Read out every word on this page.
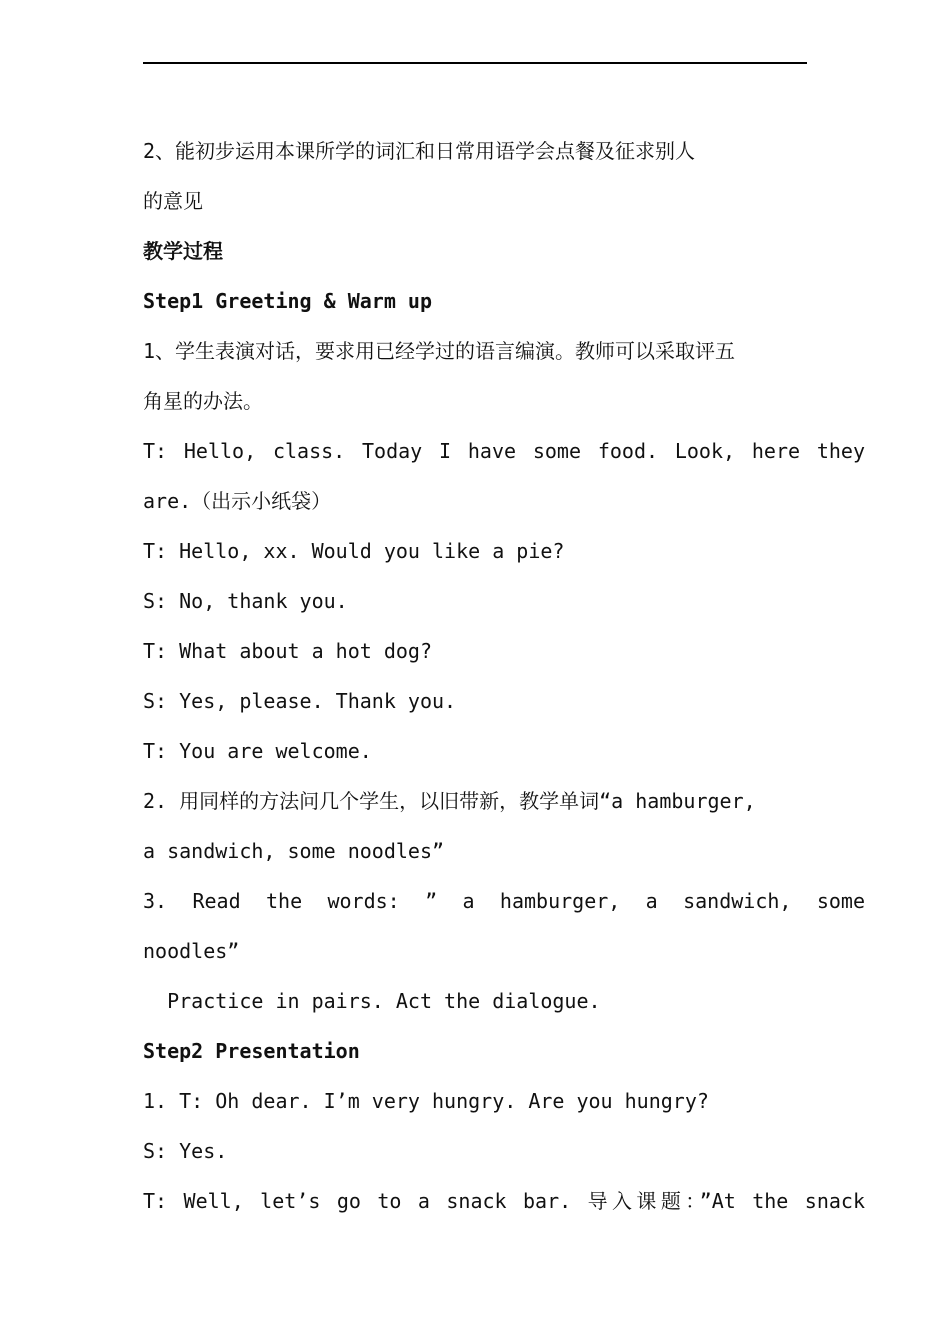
2、能初步运用本课所学的词汇和日常用语学会点餐及征求别人
的意见
教学过程
Step1 Greeting & Warm up
1、学生表演对话，要求用已经学过的语言编演。教师可以采取评五
角星的办法。
T: Hello, class. Today I have some food. Look, here they
are.（出示小纸袋）
T: Hello, xx. Would you like a pie?
S: No, thank you.
T: What about a hot dog?
S: Yes, please. Thank you.
T: You are welcome.
2. 用同样的方法问几个学生，以旧带新，教学单词“a hamburger,
a sandwich, some noodles”
3. Read the words: ” a hamburger, a sandwich, some
noodles”
Practice in pairs. Act the dialogue.
Step2 Presentation
1. T: Oh dear. I’m very hungry. Are you hungry?
S: Yes.
T: Well, let’s go to a snack bar. 导入课题：”At the snack
